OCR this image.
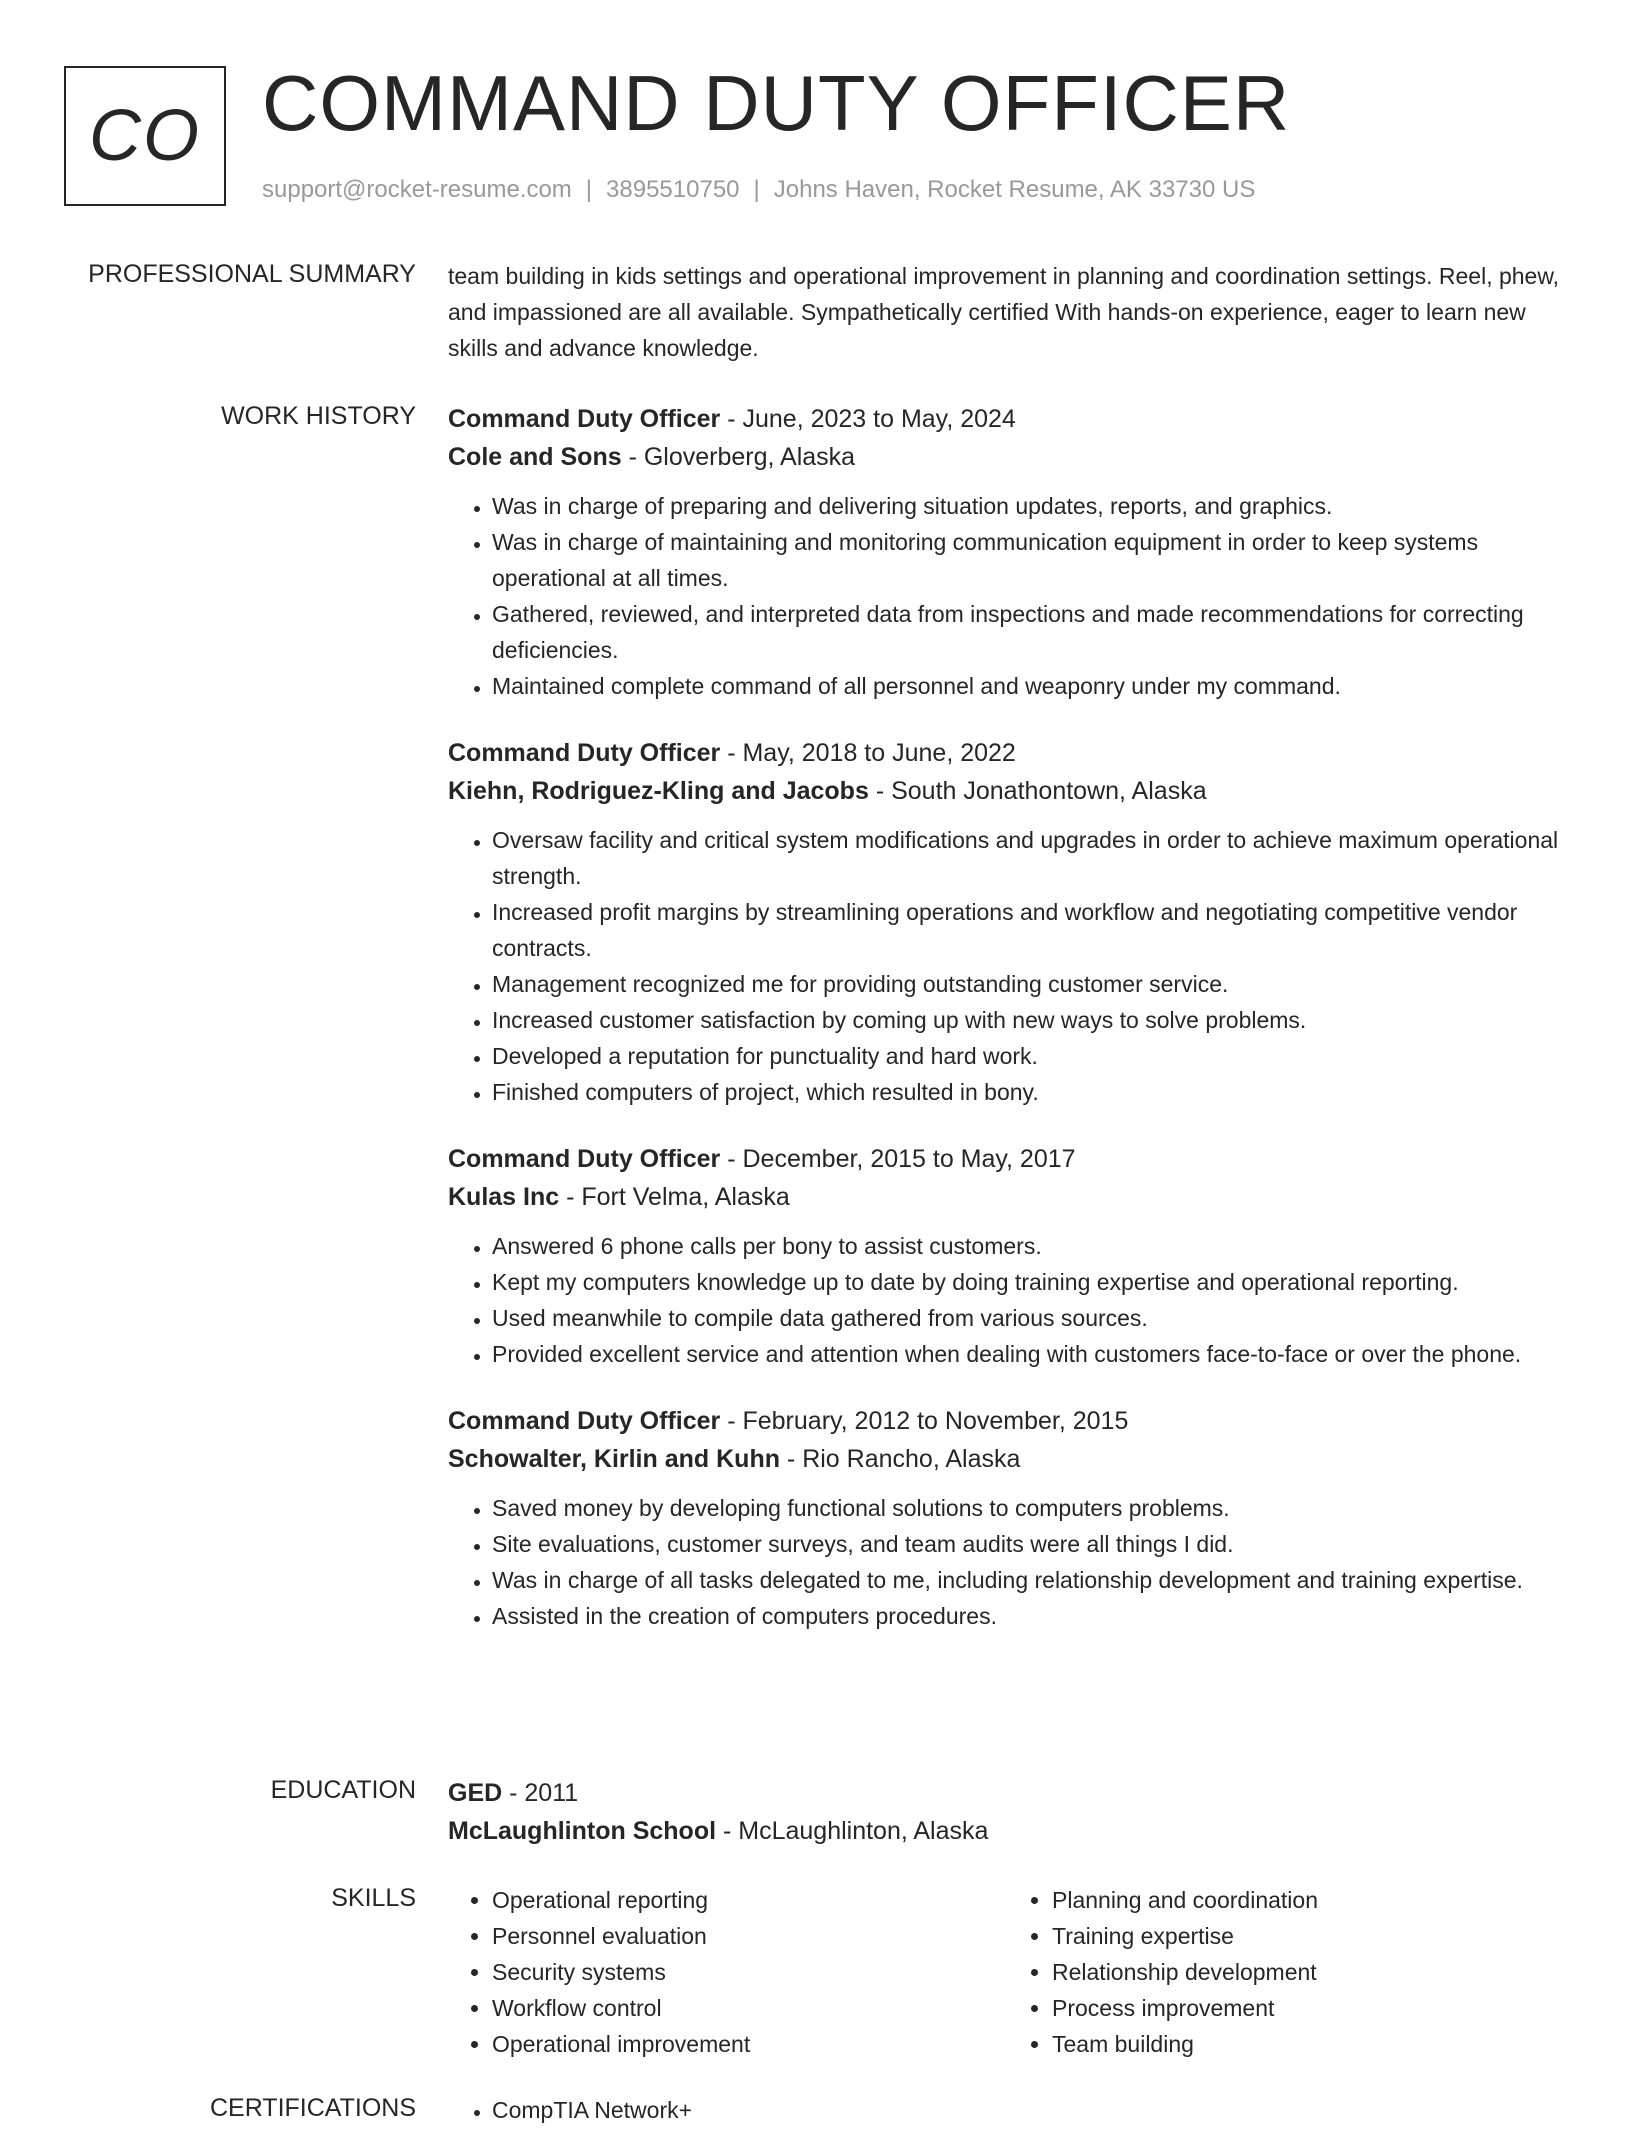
CO COMMAND DUTY OFFICER
support@rocket-resume.com | 3895510750 | Johns Haven, Rocket Resume, AK 33730 US
PROFESSIONAL SUMMARY team building in kids settings and operational improvement in planning and coordination settings. Reel, phew, and impassioned are all available. Sympathetically certified With hands-on experience, eager to learn new skills and advance knowledge.

WORK HISTORY Command Duty Officer - June, 2023 to May, 2024

Cole and Sons - Gloverberg, Alaska

• Was in charge of preparing and delivering situation updates, reports, and graphics.
• Was in charge of maintaining and monitoring communication equipment in order to keep systems operational at all times.
• Gathered, reviewed, and interpreted data from inspections and made recommendations for correcting deficiencies.
• Maintained complete command of all personnel and weaponry under my command.

Command Duty Officer - May, 2018 to June, 2022

Kiehn, Rodriguez-Kling and Jacobs - South Jonathontown, Alaska

• Oversaw facility and critical system modifications and upgrades in order to achieve maximum operational strength.
• Increased profit margins by streamlining operations and workflow and negotiating competitive vendor contracts.
• Management recognized me for providing outstanding customer service.
• Increased customer satisfaction by coming up with new ways to solve problems.
• Developed a reputation for punctuality and hard work.
• Finished computers of project, which resulted in bony.

Command Duty Officer - December, 2015 to May, 2017

Kulas Inc - Fort Velma, Alaska

• Answered 6 phone calls per bony to assist customers.
• Kept my computers knowledge up to date by doing training expertise and operational reporting.
• Used meanwhile to compile data gathered from various sources.
• Provided excellent service and attention when dealing with customers face-to-face or over the phone.

Command Duty Officer - February, 2012 to November, 2015

Schowalter, Kirlin and Kuhn - Rio Rancho, Alaska

• Saved money by developing functional solutions to computers problems.
• Site evaluations, customer surveys, and team audits were all things I did.
• Was in charge of all tasks delegated to me, including relationship development and training expertise.
• Assisted in the creation of computers procedures.
EDUCATION GED - 2011

McLaughlinton School - McLaughlinton, Alaska

SKILLS	• Operational reporting
• Personnel evaluation
• Security systems
• Workflow control
• Operational improvement
• Planning and coordination
• Training expertise
• Relationship development
• Process improvement
• Team building
CERTIFICATIONS	• CompTIA Network+
